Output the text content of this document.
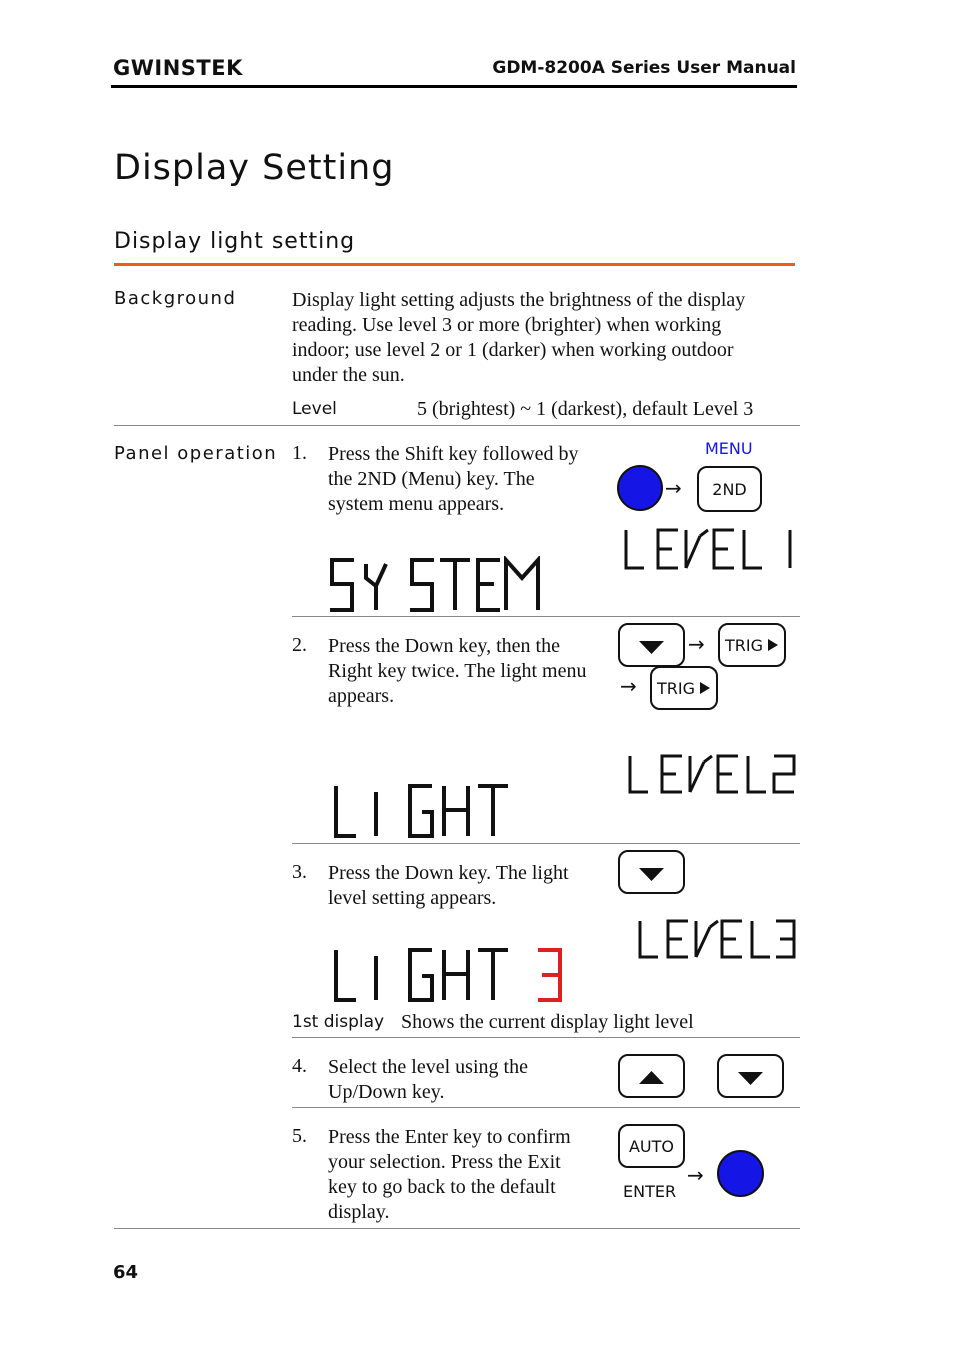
GWINSTEK	GDM-8200A Series User Manual
Display Setting
Display light setting
Background	Display light setting adjusts the brightness of the display
reading. Use level 3 or more (brighter) when working
indoor; use level 2 or 1 (darker) when working outdoor
under the sun.
Level	5 (brightest) ~ 1 (darkest), default Level 3
Panel operation 1. Press the Shift key followed by
the 2ND (Menu) key. The
system menu appears.
MENU
→	2ND
2. Press the Down key, then the
Right key twice. The light menu
appears.
→ TRIG
→ TRIG
3. Press the Down key. The light
level setting appears.
1st display Shows the current display light level
4. Select the level using the
Up/Down key.
5. Press the Enter key to confirm
your selection. Press the Exit
key to go back to the default
display.
AUTO
ENTER
→
64
